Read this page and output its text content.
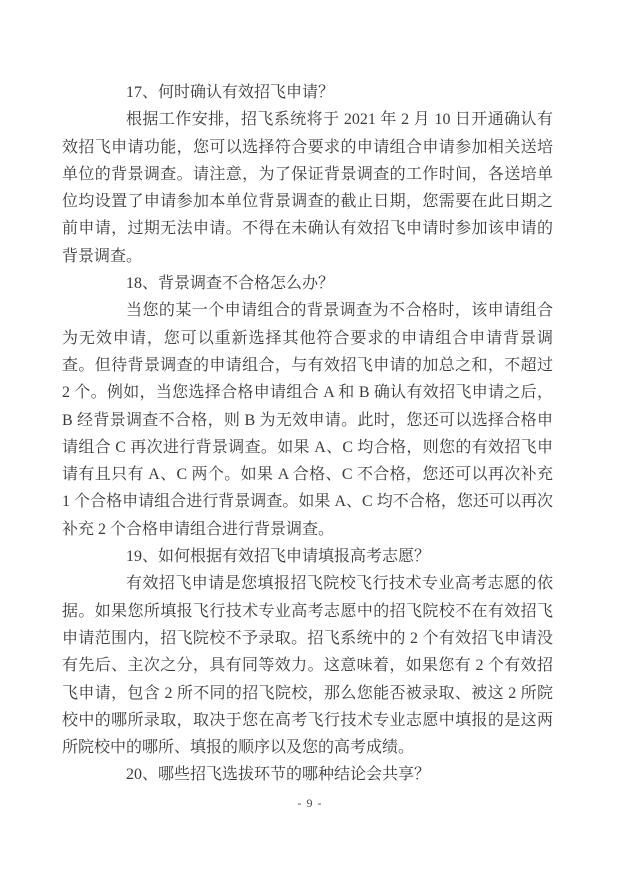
17、何时确认有效招飞申请？

根据工作安排，招飞系统将于 2021 年 2 月 10 日开通确认有效招飞申请功能，您可以选择符合要求的申请组合申请参加相关送培单位的背景调查。请注意，为了保证背景调查的工作时间，各送培单位均设置了申请参加本单位背景调查的截止日期，您需要在此日期之前申请，过期无法申请。不得在未确认有效招飞申请时参加该申请的背景调查。

18、背景调查不合格怎么办？

当您的某一个申请组合的背景调查为不合格时，该申请组合为无效申请，您可以重新选择其他符合要求的申请组合申请背景调查。但待背景调查的申请组合，与有效招飞申请的加总之和，不超过 2 个。例如，当您选择合格申请组合 A 和 B 确认有效招飞申请之后，B 经背景调查不合格，则 B 为无效申请。此时，您还可以选择合格申请组合 C 再次进行背景调查。如果 A、C 均合格，则您的有效招飞申请有且只有 A、C 两个。如果 A 合格、C 不合格，您还可以再次补充 1 个合格申请组合进行背景调查。如果 A、C 均不合格，您还可以再次补充 2 个合格申请组合进行背景调查。

19、如何根据有效招飞申请填报高考志愿？

有效招飞申请是您填报招飞院校飞行技术专业高考志愿的依据。如果您所填报飞行技术专业高考志愿中的招飞院校不在有效招飞申请范围内，招飞院校不予录取。招飞系统中的 2 个有效招飞申请没有先后、主次之分，具有同等效力。这意味着，如果您有 2 个有效招飞申请，包含 2 所不同的招飞院校，那么您能否被录取、被这 2 所院校中的哪所录取，取决于您在高考飞行技术专业志愿中填报的是这两所院校中的哪所、填报的顺序以及您的高考成绩。

20、哪些招飞选拔环节的哪种结论会共享？

- 9 -
